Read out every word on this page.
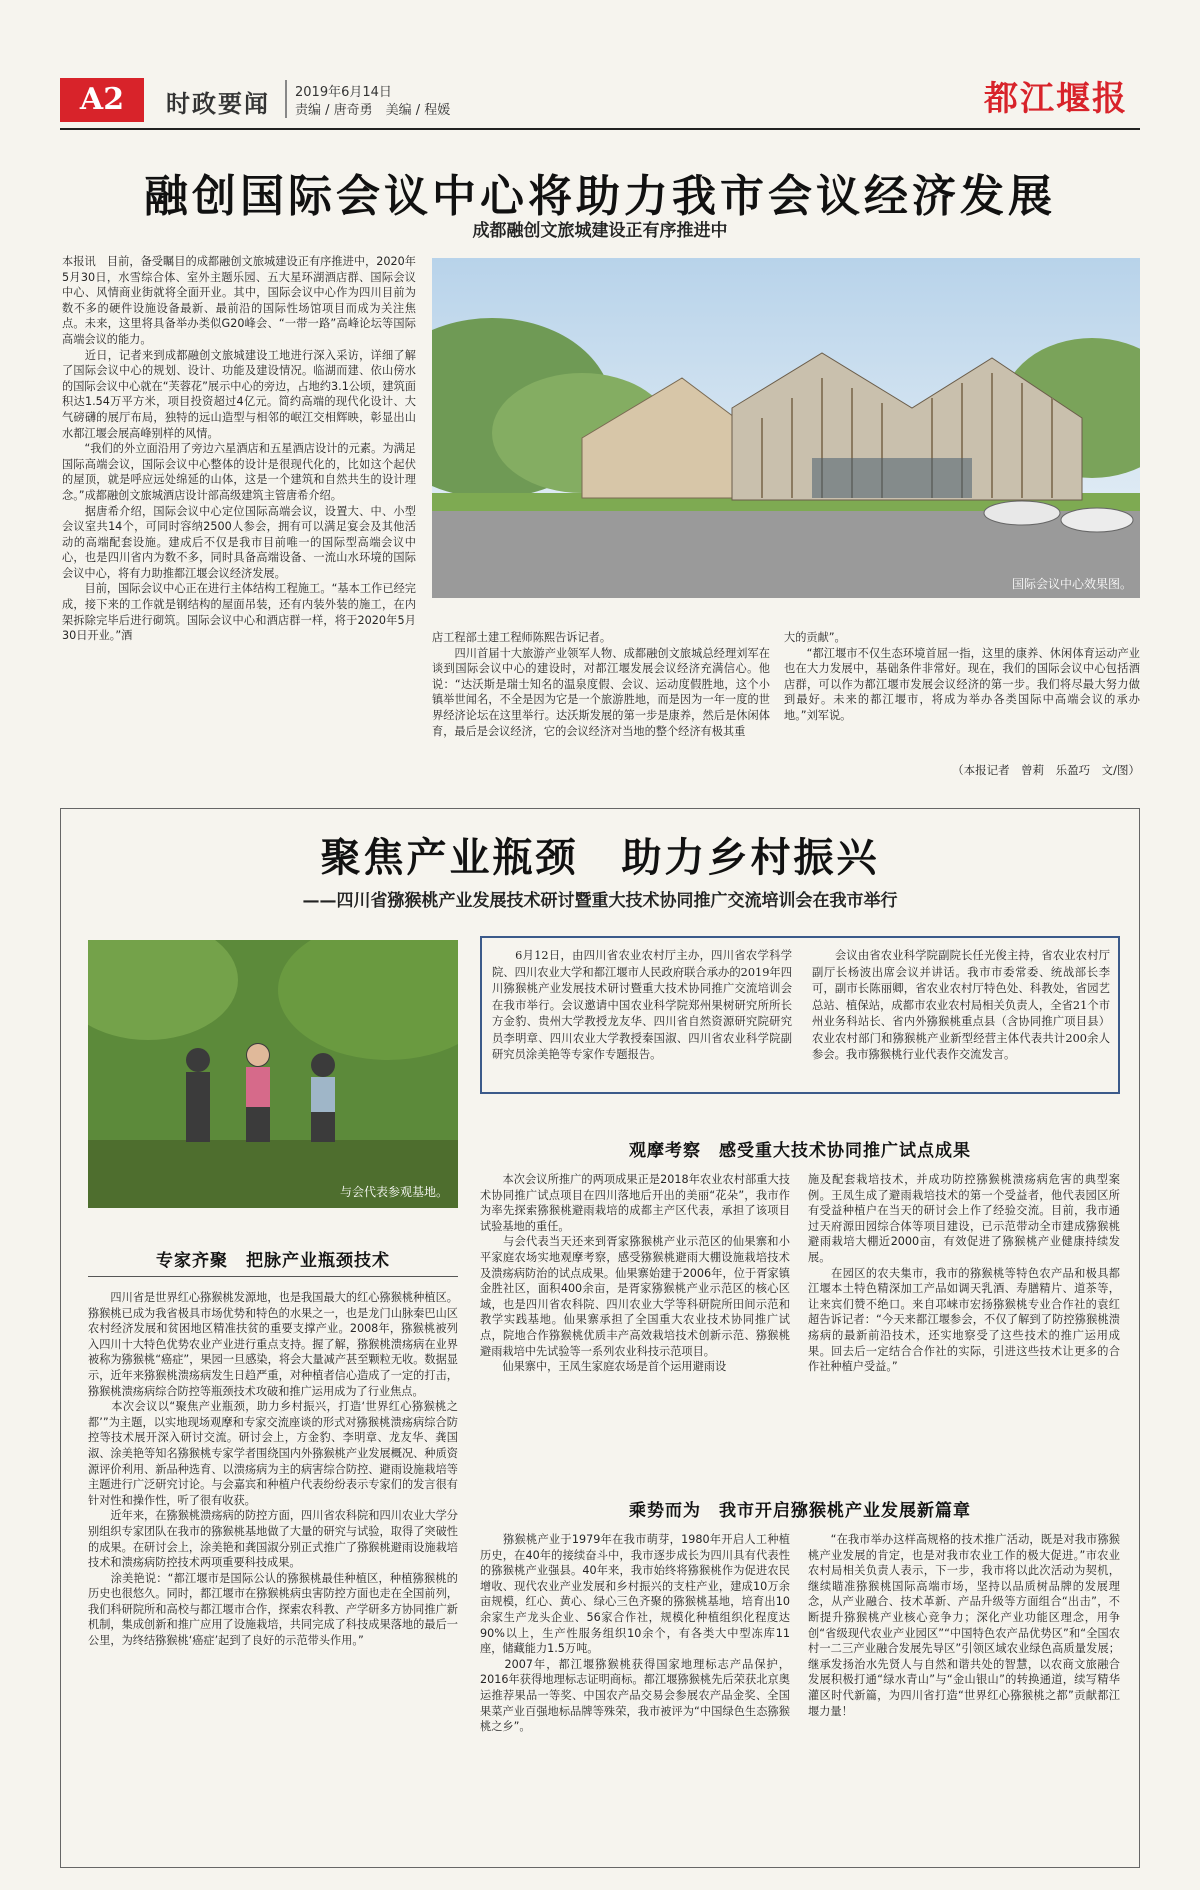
A2	时政要闻 2019年6月14日
责编 / 唐奇勇　美编 / 程媛	都江堰报
融创国际会议中心将助力我市会议经济发展
成都融创文旅城建设正有序推进中
国际会议中心效果图。
本报讯　目前，备受瞩目的成都融创文旅城建设正有序推进中，2020年5月30日，水雪综合体、室外主题乐园、五大星环湖酒店群、国际会议中心、风情商业街就将全面开业。其中，国际会议中心作为四川目前为数不多的硬件设施设备最新、最前沿的国际性场馆项目而成为关注焦点。未来，这里将具备举办类似G20峰会、“一带一路”高峰论坛等国际高端会议的能力。
　　近日，记者来到成都融创文旅城建设工地进行深入采访，详细了解了国际会议中心的规划、设计、功能及建设情况。临湖而建、依山傍水的国际会议中心就在“芙蓉花”展示中心的旁边，占地约3.1公顷，建筑面积达1.54万平方米，项目投资超过4亿元。简约高端的现代化设计、大气磅礴的展厅布局，独特的远山造型与相邻的岷江交相辉映，彰显出山水都江堰会展高峰别样的风情。
　　“我们的外立面沿用了旁边六星酒店和五星酒店设计的元素。为满足国际高端会议，国际会议中心整体的设计是很现代化的，比如这个起伏的屋顶，就是呼应远处绵延的山体，这是一个建筑和自然共生的设计理念。”成都融创文旅城酒店设计部高级建筑主管唐希介绍。
　　据唐希介绍，国际会议中心定位国际高端会议，设置大、中、小型会议室共14个，可同时容纳2500人参会，拥有可以满足宴会及其他活动的高端配套设施。建成后不仅是我市目前唯一的国际型高端会议中心，也是四川省内为数不多，同时具备高端设备、一流山水环境的国际会议中心，将有力助推都江堰会议经济发展。
　　目前，国际会议中心正在进行主体结构工程施工。“基本工作已经完成，接下来的工作就是钢结构的屋面吊装，还有内装外装的施工，在内架拆除完毕后进行砌筑。国际会议中心和酒店群一样，将于2020年5月30日开业。”酒	店工程部土建工程师陈熙告诉记者。
　　四川首届十大旅游产业领军人物、成都融创文旅城总经理刘军在谈到国际会议中心的建设时，对都江堰发展会议经济充满信心。他说：“达沃斯是瑞士知名的温泉度假、会议、运动度假胜地，这个小镇举世闻名，不全是因为它是一个旅游胜地，而是因为一年一度的世界经济论坛在这里举行。达沃斯发展的第一步是康养，然后是休闲体育，最后是会议经济，它的会议经济对当地的整个经济有极其重
大的贡献”。
　　“都江堰市不仅生态环境首屈一指，这里的康养、休闲体育运动产业也在大力发展中，基础条件非常好。现在，我们的国际会议中心包括酒店群，可以作为都江堰市发展会议经济的第一步。我们将尽最大努力做到最好。未来的都江堰市，将成为举办各类国际中高端会议的承办地。”刘军说。
（本报记者　曾莉　乐盈巧　文/图）
聚焦产业瓶颈　助力乡村振兴
——四川省猕猴桃产业发展技术研讨暨重大技术协同推广交流培训会在我市举行
与会代表参观基地。
　　6月12日，由四川省农业农村厅主办，四川省农学科学院、四川农业大学和都江堰市人民政府联合承办的2019年四川猕猴桃产业发展技术研讨暨重大技术协同推广交流培训会在我市举行。会议邀请中国农业科学院郑州果树研究所所长方金豹、贵州大学教授龙友华、四川省自然资源研究院研究员李明章、四川农业大学教授秦国淑、四川省农业科学院副研究员涂美艳等专家作专题报告。
　　会议由省农业科学院副院长任光俊主持，省农业农村厅副厅长杨波出席会议并讲话。我市市委常委、统战部长李可，副市长陈丽卿，省农业农村厅特色处、科教处，省园艺总站、植保站，成都市农业农村局相关负责人，全省21个市州业务科站长、省内外猕猴桃重点县（含协同推广项目县）农业农村部门和猕猴桃产业新型经营主体代表共计200余人参会。我市猕猴桃行业代表作交流发言。
专家齐聚　把脉产业瓶颈技术
　　四川省是世界红心猕猴桃发源地，也是我国最大的红心猕猴桃种植区。猕猴桃已成为我省极具市场优势和特色的水果之一，也是龙门山脉秦巴山区农村经济发展和贫困地区精准扶贫的重要支撑产业。2008年，猕猴桃被列入四川十大特色优势农业产业进行重点支持。握了解，猕猴桃溃疡病在业界被称为猕猴桃“癌症”，果园一旦感染，将会大量减产甚至颗粒无收。数据显示，近年来猕猴桃溃疡病发生日趋严重，对种植者信心造成了一定的打击，猕猴桃溃疡病综合防控等瓶颈技术攻破和推广运用成为了行业焦点。
　　本次会议以“聚焦产业瓶颈，助力乡村振兴，打造‘世界红心猕猴桃之都’”为主题，以实地现场观摩和专家交流座谈的形式对猕猴桃溃疡病综合防控等技术展开深入研讨交流。研讨会上，方金豹、李明章、龙友华、龚国淑、涂美艳等知名猕猴桃专家学者围绕国内外猕猴桃产业发展概况、种质资源评价利用、新品种选育、以溃疡病为主的病害综合防控、避雨设施栽培等主题进行广泛研究讨论。与会嘉宾和种植户代表纷纷表示专家们的发言很有针对性和操作性，听了很有收获。
　　近年来，在猕猴桃溃疡病的防控方面，四川省农科院和四川农业大学分别组织专家团队在我市的猕猴桃基地做了大量的研究与试验，取得了突破性的成果。在研讨会上，涂美艳和龚国淑分别正式推广了猕猴桃避雨设施栽培技术和溃疡病防控技术两项重要科技成果。
　　涂美艳说：“都江堰市是国际公认的猕猴桃最佳种植区，种植猕猴桃的历史也很悠久。同时，都江堰市在猕猴桃病虫害防控方面也走在全国前列，我们科研院所和高校与都江堰市合作，探索农科教、产学研多方协同推广新机制，集成创新和推广应用了设施栽培，共同完成了科技成果落地的最后一公里，为终结猕猴桃‘癌症’起到了良好的示范带头作用。”
观摩考察　感受重大技术协同推广试点成果
　　本次会议所推广的两项成果正是2018年农业农村部重大技术协同推广试点项目在四川落地后开出的美丽“花朵”，我市作为率先探索猕猴桃避雨栽培的成都主产区代表，承担了该项目试验基地的重任。
　　与会代表当天还来到胥家猕猴桃产业示范区的仙果寨和小平家庭农场实地观摩考察，感受猕猴桃避雨大棚设施栽培技术及溃疡病防治的试点成果。仙果寨始建于2006年，位于胥家镇金胜社区，面积400余亩，是胥家猕猴桃产业示范区的核心区域，也是四川省农科院、四川农业大学等科研院所田间示范和教学实践基地。仙果寨承担了全国重大农业技术协同推广试点，院地合作猕猴桃优质丰产高效栽培技术创新示范、猕猴桃避雨栽培中先试验等一系列农业科技示范项目。
　　仙果寨中，王凤生家庭农场是首个运用避雨设
施及配套栽培技术，并成功防控猕猴桃溃疡病危害的典型案例。王凤生成了避雨栽培技术的第一个受益者，他代表园区所有受益种植户在当天的研讨会上作了经验交流。目前，我市通过天府源田园综合体等项目建设，已示范带动全市建成猕猴桃避雨栽培大棚近2000亩，有效促进了猕猴桃产业健康持续发展。
　　在园区的农夫集市，我市的猕猴桃等特色农产品和极具都江堰本土特色精深加工产品如调天乳酒、寿膳精片、道茶等，让来宾们赞不绝口。来自邛崃市宏扬猕猴桃专业合作社的袁红超告诉记者：“今天来都江堰参会，不仅了解到了防控猕猴桃溃疡病的最新前沿技术，还实地察受了这些技术的推广运用成果。回去后一定结合合作社的实际，引进这些技术让更多的合作社种植户受益。”
乘势而为　我市开启猕猴桃产业发展新篇章
　　猕猴桃产业于1979年在我市萌芽，1980年开启人工种植历史，在40年的接续奋斗中，我市逐步成长为四川具有代表性的猕猴桃产业强县。40年来，我市始终将猕猴桃作为促进农民增收、现代农业产业发展和乡村振兴的支柱产业，建成10万余亩规模，红心、黄心、绿心三色齐聚的猕猴桃基地，培育出10余家生产龙头企业、56家合作社，规模化种植组织化程度达90%以上，生产性服务组织10余个，有各类大中型冻库11座，储藏能力1.5万吨。
　　2007年，都江堰猕猴桃获得国家地理标志产品保护，2016年获得地理标志证明商标。都江堰猕猴桃先后荣获北京奥运推荐果品一等奖、中国农产品交易会参展农产品金奖、全国果菜产业百强地标品牌等殊荣，我市被评为“中国绿色生态猕猴桃之乡”。
　　“在我市举办这样高规格的技术推广活动，既是对我市猕猴桃产业发展的肯定，也是对我市农业工作的极大促进。”市农业农村局相关负责人表示，下一步，我市将以此次活动为契机，继续瞄准猕猴桃国际高端市场，坚持以品质树品牌的发展理念，从产业融合、技术革新、产品升级等方面组合“出击”，不断提升猕猴桃产业核心竞争力；深化产业功能区理念，用争创“省级现代农业产业园区”“中国特色农产品优势区”和“全国农村一二三产业融合发展先导区”引领区域农业绿色高质量发展；继承发扬治水先贤人与自然和谐共处的智慧，以农商文旅融合发展积极打通“绿水青山”与“金山银山”的转换通道，续写精华灌区时代新篇，为四川省打造“世界红心猕猴桃之都”贡献都江堰力量！
